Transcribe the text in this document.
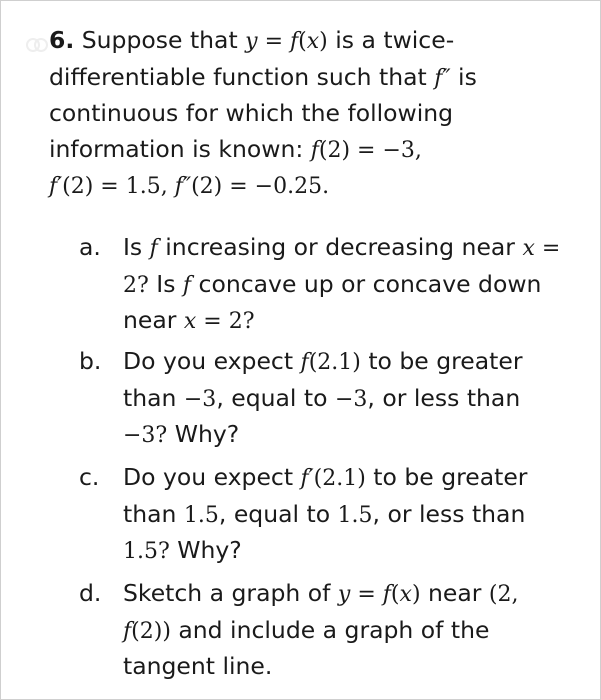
6. Suppose that y = f(x) is a twice-differentiable function such that f″ is continuous for which the following information is known: f(2) = −3,
f′(2) = 1.5, f″(2) = −0.25.
a. Is f increasing or decreasing near x = 2? Is f concave up or concave down near x = 2?
b. Do you expect f(2.1) to be greater than −3, equal to −3, or less than −3? Why?
c. Do you expect f′(2.1) to be greater than 1.5, equal to 1.5, or less than 1.5? Why?
d. Sketch a graph of y = f(x) near (2, f(2)) and include a graph of the tangent line.
